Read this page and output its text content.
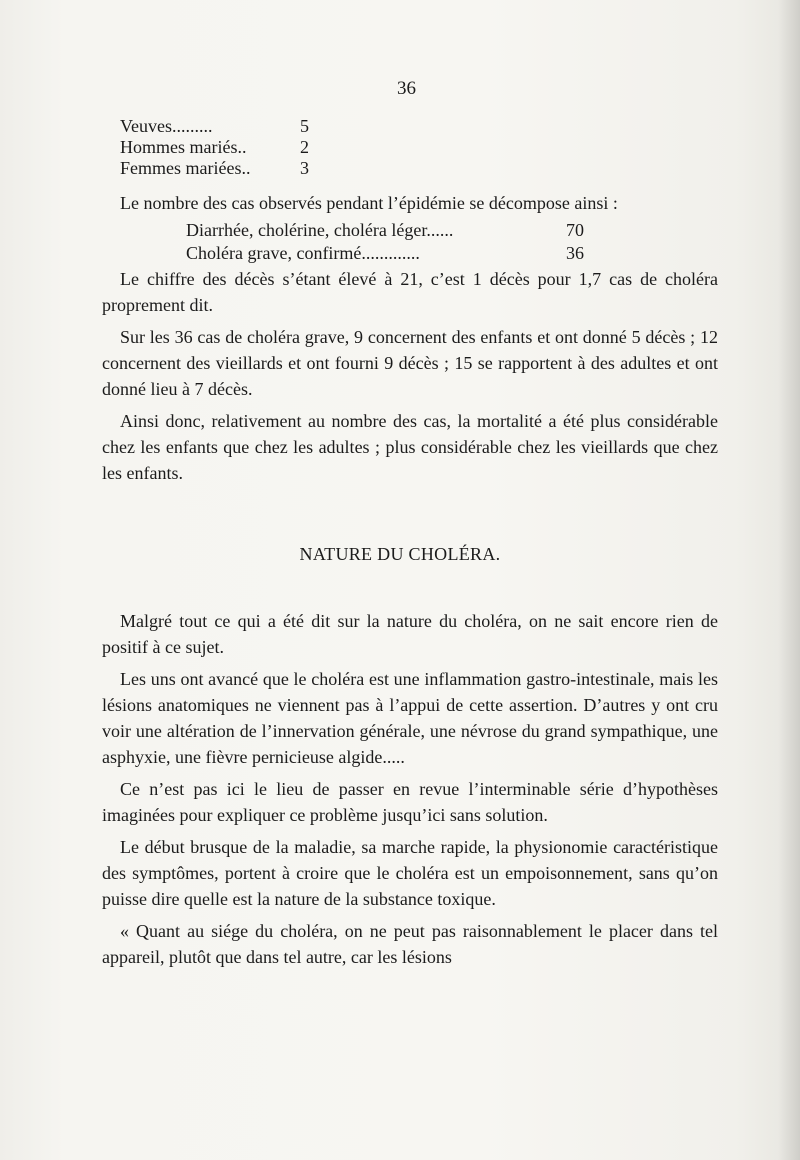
36
Veuves.........	5
Hommes mariés..	2
Femmes mariées..	3

Le nombre des cas observés pendant l’épidémie se décompose ainsi :

Diarrhée, cholérine, choléra léger......	70
Choléra grave, confirmé.............	36

Le chiffre des décès s’étant élevé à 21, c’est 1 décès pour 1,7 cas de choléra proprement dit.

Sur les 36 cas de choléra grave, 9 concernent des enfants et ont donné 5 décès ; 12 concernent des vieillards et ont fourni 9 décès ; 15 se rapportent à des adultes et ont donné lieu à 7 décès.

Ainsi donc, relativement au nombre des cas, la mortalité a été plus considérable chez les enfants que chez les adultes ; plus considérable chez les vieillards que chez les enfants.

NATURE DU CHOLÉRA.

Malgré tout ce qui a été dit sur la nature du choléra, on ne sait encore rien de positif à ce sujet.

Les uns ont avancé que le choléra est une inflammation gastro-intestinale, mais les lésions anatomiques ne viennent pas à l’appui de cette assertion. D’autres y ont cru voir une altération de l’innervation générale, une névrose du grand sympathique, une asphyxie, une fièvre pernicieuse algide.....

Ce n’est pas ici le lieu de passer en revue l’interminable série d’hypothèses imaginées pour expliquer ce problème jusqu’ici sans solution.

Le début brusque de la maladie, sa marche rapide, la physionomie caractéristique des symptômes, portent à croire que le choléra est un empoisonnement, sans qu’on puisse dire quelle est la nature de la substance toxique.

« Quant au siége du choléra, on ne peut pas raisonnablement le placer dans tel appareil, plutôt que dans tel autre, car les lésions
